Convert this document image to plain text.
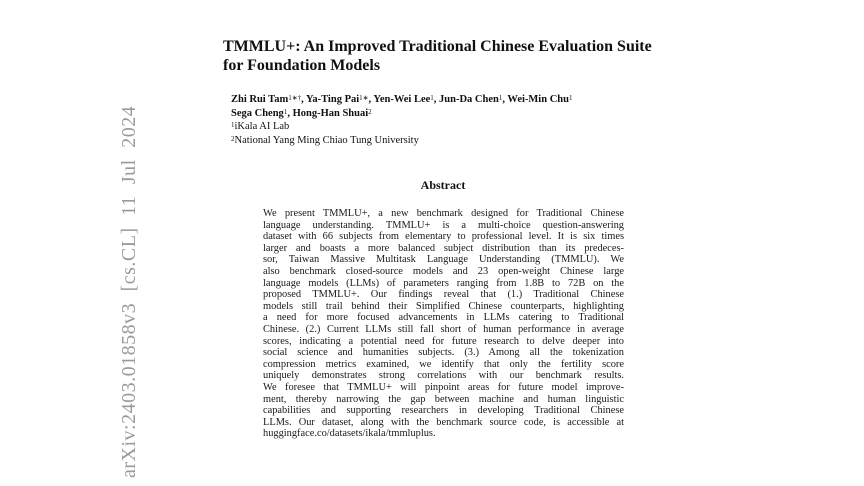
arXiv:2403.01858v3 [cs.CL] 11 Jul 2024
TMMLU+: An Improved Traditional Chinese Evaluation Suite
for Foundation Models
Zhi Rui Tam$^{1∗\dagger}$, Ya-Ting Pai$^{1∗}$, Yen-Wei Lee$^1$, Jun-Da Chen$^1$, Wei-Min Chu$^1$
Sega Cheng$^1$, Hong-Han Shuai$^2$
$^1$iKala AI Lab
$^2$National Yang Ming Chiao Tung University
Abstract
We present TMMLU+, a new benchmark designed for Traditional Chinese
language understanding. TMMLU+ is a multi-choice question-answering
dataset with 66 subjects from elementary to professional level. It is six times
larger and boasts a more balanced subject distribution than its predeces-
sor, Taiwan Massive Multitask Language Understanding (TMMLU). We
also benchmark closed-source models and 23 open-weight Chinese large
language models (LLMs) of parameters ranging from 1.8B to 72B on the
proposed TMMLU+. Our findings reveal that (1.) Traditional Chinese
models still trail behind their Simplified Chinese counterparts, highlighting
a need for more focused advancements in LLMs catering to Traditional
Chinese. (2.) Current LLMs still fall short of human performance in average
scores, indicating a potential need for future research to delve deeper into
social science and humanities subjects. (3.) Among all the tokenization
compression metrics examined, we identify that only the fertility score
uniquely demonstrates strong correlations with our benchmark results.
We foresee that TMMLU+ will pinpoint areas for future model improve-
ment, thereby narrowing the gap between machine and human linguistic
capabilities and supporting researchers in developing Traditional Chinese
LLMs. Our dataset, along with the benchmark source code, is accessible at
huggingface.co/datasets/ikala/tmmluplus.
